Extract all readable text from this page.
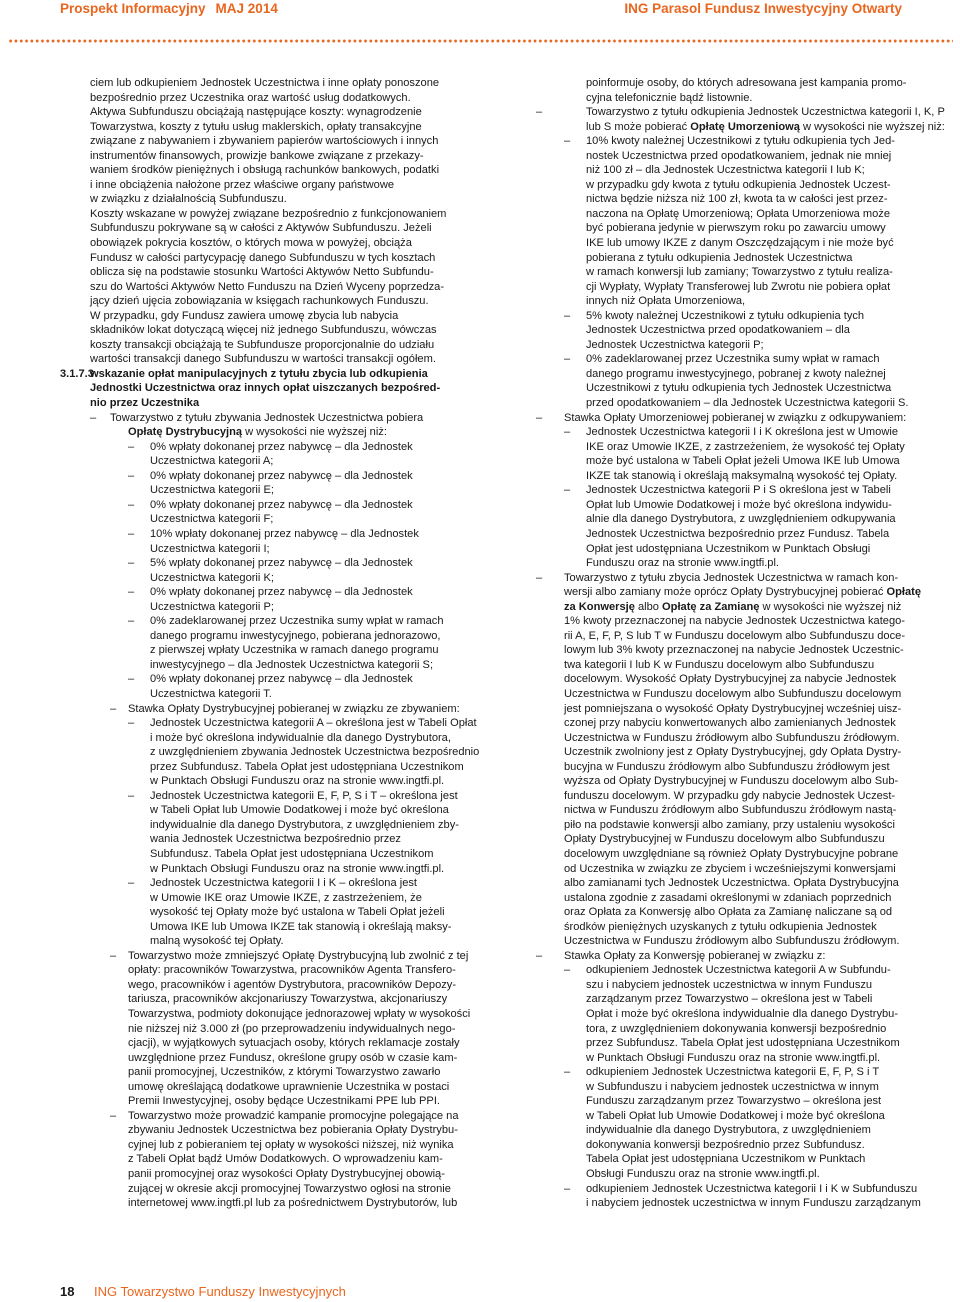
Prospekt Informacyjny MAJ 2014	ING Parasol Fundusz Inwestycyjny Otwarty
ciem lub odkupieniem Jednostek Uczestnictwa i inne opłaty ponoszone
bezpośrednio przez Uczestnika oraz wartość usług dodatkowych.
Aktywa Subfunduszu obciążają następujące koszty: wynagrodzenie
Towarzystwa, koszty z tytułu usług maklerskich, opłaty transakcyjne
związane z nabywaniem i zbywaniem papierów wartościowych i innych
instrumentów finansowych, prowizje bankowe związane z przekazy-
waniem środków pieniężnych i obsługą rachunków bankowych, podatki
i inne obciążenia nałożone przez właściwe organy państwowe
w związku z działalnością Subfunduszu.
Koszty wskazane w powyżej związane bezpośrednio z funkcjonowaniem
Subfunduszu pokrywane są w całości z Aktywów Subfunduszu. Jeżeli
obowiązek pokrycia kosztów, o których mowa w powyżej, obciąża
Fundusz w całości partycypację danego Subfunduszu w tych kosztach
oblicza się na podstawie stosunku Wartości Aktywów Netto Subfundu-
szu do Wartości Aktywów Netto Funduszu na Dzień Wyceny poprzedza-
jący dzień ujęcia zobowiązania w księgach rachunkowych Funduszu.
W przypadku, gdy Fundusz zawiera umowę zbycia lub nabycia
składników lokat dotyczącą więcej niż jednego Subfunduszu, wówczas
koszty transakcji obciążają te Subfundusze proporcjonalnie do udziału
wartości transakcji danego Subfunduszu w wartości transakcji ogółem.
3.1.7.3
wskazanie opłat manipulacyjnych z tytułu zbycia lub odkupienia
Jednostki Uczestnictwa oraz innych opłat uiszczanych bezpośred-
nio przez Uczestnika
– Towarzystwo z tytułu zbywania Jednostek Uczestnictwa pobiera
Opłatę Dystrybucyjną w wysokości nie wyższej niż:
– 0% wpłaty dokonanej przez nabywcę – dla Jednostek
Uczestnictwa kategorii A;
– 0% wpłaty dokonanej przez nabywcę – dla Jednostek
Uczestnictwa kategorii E;
– 0% wpłaty dokonanej przez nabywcę – dla Jednostek
Uczestnictwa kategorii F;
– 10% wpłaty dokonanej przez nabywcę – dla Jednostek
Uczestnictwa kategorii I;
– 5% wpłaty dokonanej przez nabywcę – dla Jednostek
Uczestnictwa kategorii K;
– 0% wpłaty dokonanej przez nabywcę – dla Jednostek
Uczestnictwa kategorii P;
– 0% zadeklarowanej przez Uczestnika sumy wpłat w ramach
danego programu inwestycyjnego, pobierana jednorazowo,
z pierwszej wpłaty Uczestnika w ramach danego programu
inwestycyjnego – dla Jednostek Uczestnictwa kategorii S;
– 0% wpłaty dokonanej przez nabywcę – dla Jednostek
Uczestnictwa kategorii T.
– Stawka Opłaty Dystrybucyjnej pobieranej w związku ze zbywaniem:
– Jednostek Uczestnictwa kategorii A – określona jest w Tabeli Opłat
i może być określona indywidualnie dla danego Dystrybutora,
z uwzględnieniem zbywania Jednostek Uczestnictwa bezpośrednio
przez Subfundusz. Tabela Opłat jest udostępniana Uczestnikom
w Punktach Obsługi Funduszu oraz na stronie www.ingtfi.pl.
– Jednostek Uczestnictwa kategorii E, F, P, S i T – określona jest
w Tabeli Opłat lub Umowie Dodatkowej i może być określona
indywidualnie dla danego Dystrybutora, z uwzględnieniem zby-
wania Jednostek Uczestnictwa bezpośrednio przez
Subfundusz. Tabela Opłat jest udostępniana Uczestnikom
w Punktach Obsługi Funduszu oraz na stronie www.ingtfi.pl.
– Jednostek Uczestnictwa kategorii I i K – określona jest
w Umowie IKE oraz Umowie IKZE, z zastrzeżeniem, że
wysokość tej Opłaty może być ustalona w Tabeli Opłat jeżeli
Umowa IKE lub Umowa IKZE tak stanowią i określają maksy-
malną wysokość tej Opłaty.
– Towarzystwo może zmniejszyć Opłatę Dystrybucyjną lub zwolnić z tej
opłaty: pracowników Towarzystwa, pracowników Agenta Transfero-
wego, pracowników i agentów Dystrybutora, pracowników Depozy-
tariusza, pracowników akcjonariuszy Towarzystwa, akcjonariuszy
Towarzystwa, podmioty dokonujące jednorazowej wpłaty w wysokości
nie niższej niż 3.000 zł (po przeprowadzeniu indywidualnych nego-
cjacji), w wyjątkowych sytuacjach osoby, których reklamacje zostały
uwzględnione przez Fundusz, określone grupy osób w czasie kam-
panii promocyjnej, Uczestników, z którymi Towarzystwo zawarło
umowę określającą dodatkowe uprawnienie Uczestnika w postaci
Premii Inwestycyjnej, osoby będące Uczestnikami PPE lub PPI.
– Towarzystwo może prowadzić kampanie promocyjne polegające na
zbywaniu Jednostek Uczestnictwa bez pobierania Opłaty Dystrybu-
cyjnej lub z pobieraniem tej opłaty w wysokości niższej, niż wynika
z Tabeli Opłat bądź Umów Dodatkowych. O wprowadzeniu kam-
panii promocyjnej oraz wysokości Opłaty Dystrybucyjnej obowią-
zującej w okresie akcji promocyjnej Towarzystwo ogłosi na stronie
internetowej www.ingtfi.pl lub za pośrednictwem Dystrybutorów, lub
poinformuje osoby, do których adresowana jest kampania promo-
cyjna telefonicznie bądź listownie.
–	Towarzystwo z tytułu odkupienia Jednostek Uczestnictwa kategorii I, K, P
lub S może pobierać Opłatę Umorzeniową w wysokości nie wyższej niż:
– 10% kwoty należnej Uczestnikowi z tytułu odkupienia tych Jed-
nostek Uczestnictwa przed opodatkowaniem, jednak nie mniej
niż 100 zł – dla Jednostek Uczestnictwa kategorii I lub K;
w przypadku gdy kwota z tytułu odkupienia Jednostek Uczest-
nictwa będzie niższa niż 100 zł, kwota ta w całości jest przez-
naczona na Opłatę Umorzeniową; Opłata Umorzeniowa może
być pobierana jedynie w pierwszym roku po zawarciu umowy
IKE lub umowy IKZE z danym Oszczędzającym i nie może być
pobierana z tytułu odkupienia Jednostek Uczestnictwa
w ramach konwersji lub zamiany; Towarzystwo z tytułu realiza-
cji Wypłaty, Wypłaty Transferowej lub Zwrotu nie pobiera opłat
innych niż Opłata Umorzeniowa,
– 5% kwoty należnej Uczestnikowi z tytułu odkupienia tych
Jednostek Uczestnictwa przed opodatkowaniem – dla
Jednostek Uczestnictwa kategorii P;
– 0% zadeklarowanej przez Uczestnika sumy wpłat w ramach
danego programu inwestycyjnego, pobranej z kwoty należnej
Uczestnikowi z tytułu odkupienia tych Jednostek Uczestnictwa
przed opodatkowaniem – dla Jednostek Uczestnictwa kategorii S.
– Stawka Opłaty Umorzeniowej pobieranej w związku z odkupywaniem:
– Jednostek Uczestnictwa kategorii I i K określona jest w Umowie
IKE oraz Umowie IKZE, z zastrzeżeniem, że wysokość tej Opłaty
może być ustalona w Tabeli Opłat jeżeli Umowa IKE lub Umowa
IKZE tak stanowią i określają maksymalną wysokość tej Opłaty.
– Jednostek Uczestnictwa kategorii P i S określona jest w Tabeli
Opłat lub Umowie Dodatkowej i może być określona indywidu-
alnie dla danego Dystrybutora, z uwzględnieniem odkupywania
Jednostek Uczestnictwa bezpośrednio przez Fundusz. Tabela
Opłat jest udostępniana Uczestnikom w Punktach Obsługi
Funduszu oraz na stronie www.ingtfi.pl.
– Towarzystwo z tytułu zbycia Jednostek Uczestnictwa w ramach kon-
wersji albo zamiany może oprócz Opłaty Dystrybucyjnej pobierać Opłatę
za Konwersję albo Opłatę za Zamianę w wysokości nie wyższej niż
1% kwoty przeznaczonej na nabycie Jednostek Uczestnictwa katego-
rii A, E, F, P, S lub T w Funduszu docelowym albo Subfunduszu doce-
lowym lub 3% kwoty przeznaczonej na nabycie Jednostek Uczestnic-
twa kategorii I lub K w Funduszu docelowym albo Subfunduszu
docelowym. Wysokość Opłaty Dystrybucyjnej za nabycie Jednostek
Uczestnictwa w Funduszu docelowym albo Subfunduszu docelowym
jest pomniejszana o wysokość Opłaty Dystrybucyjnej wcześniej uisz-
czonej przy nabyciu konwertowanych albo zamienianych Jednostek
Uczestnictwa w Funduszu źródłowym albo Subfunduszu źródłowym.
Uczestnik zwolniony jest z Opłaty Dystrybucyjnej, gdy Opłata Dystry-
bucyjna w Funduszu źródłowym albo Subfunduszu źródłowym jest
wyższa od Opłaty Dystrybucyjnej w Funduszu docelowym albo Sub-
funduszu docelowym. W przypadku gdy nabycie Jednostek Uczest-
nictwa w Funduszu źródłowym albo Subfunduszu źródłowym nastą-
piło na podstawie konwersji albo zamiany, przy ustaleniu wysokości
Opłaty Dystrybucyjnej w Funduszu docelowym albo Subfunduszu
docelowym uwzględniane są również Opłaty Dystrybucyjne pobrane
od Uczestnika w związku ze zbyciem i wcześniejszymi konwersjami
albo zamianami tych Jednostek Uczestnictwa. Opłata Dystrybucyjna
ustalona zgodnie z zasadami określonymi w zdaniach poprzednich
oraz Opłata za Konwersję albo Opłata za Zamianę naliczane są od
środków pieniężnych uzyskanych z tytułu odkupienia Jednostek
Uczestnictwa w Funduszu źródłowym albo Subfunduszu źródłowym.
– Stawka Opłaty za Konwersję pobieranej w związku z:
– odkupieniem Jednostek Uczestnictwa kategorii A w Subfundu-
szu i nabyciem jednostek uczestnictwa w innym Funduszu
zarządzanym przez Towarzystwo – określona jest w Tabeli
Opłat i może być określona indywidualnie dla danego Dystrybu-
tora, z uwzględnieniem dokonywania konwersji bezpośrednio
przez Subfundusz. Tabela Opłat jest udostępniana Uczestnikom
w Punktach Obsługi Funduszu oraz na stronie www.ingtfi.pl.
– odkupieniem Jednostek Uczestnictwa kategorii E, F, P, S i T
w Subfunduszu i nabyciem jednostek uczestnictwa w innym
Funduszu zarządzanym przez Towarzystwo – określona jest
w Tabeli Opłat lub Umowie Dodatkowej i może być określona
indywidualnie dla danego Dystrybutora, z uwzględnieniem
dokonywania konwersji bezpośrednio przez Subfundusz.
Tabela Opłat jest udostępniana Uczestnikom w Punktach
Obsługi Funduszu oraz na stronie www.ingtfi.pl.
– odkupieniem Jednostek Uczestnictwa kategorii I i K w Subfunduszu
i nabyciem jednostek uczestnictwa w innym Funduszu zarządzanym
18 ING Towarzystwo Funduszy Inwestycyjnych
